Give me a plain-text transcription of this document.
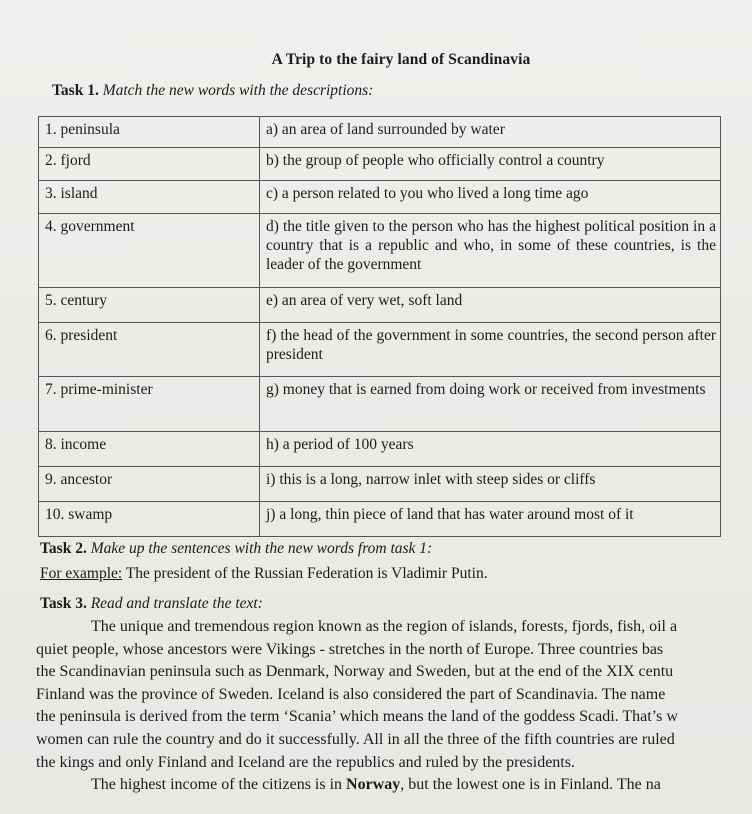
A Trip to the fairy land of Scandinavia
Task 1. Match the new words with the descriptions:
1. peninsula	a) an area of land surrounded by water
2. fjord	b) the group of people who officially control a country
3. island	c) a person related to you who lived a long time ago
4. government	d) the title given to the person who has the highest political position in a country that is a republic and who, in some of these countries, is the leader of the government
5. century	e) an area of very wet, soft land
6. president	f) the head of the government in some countries, the second person after president
7. prime-minister	g) money that is earned from doing work or received from investments
8. income	h) a period of 100 years
9. ancestor	i) this is a long, narrow inlet with steep sides or cliffs
10. swamp	j) a long, thin piece of land that has water around most of it
Task 2. Make up the sentences with the new words from task 1:
For example: The president of the Russian Federation is Vladimir Putin.
Task 3. Read and translate the text:
The unique and tremendous region known as the region of islands, forests, fjords, fish, oil a
quiet people, whose ancestors were Vikings - stretches in the north of Europe. Three countries bas
the Scandinavian peninsula such as Denmark, Norway and Sweden, but at the end of the XIX centu
Finland was the province of Sweden. Iceland is also considered the part of Scandinavia. The name
the peninsula is derived from the term ‘Scania’ which means the land of the goddess Scadi. That’s w
women can rule the country and do it successfully. All in all the three of the fifth countries are ruled
the kings and only Finland and Iceland are the republics and ruled by the presidents.
The highest income of the citizens is in Norway, but the lowest one is in Finland. The na
